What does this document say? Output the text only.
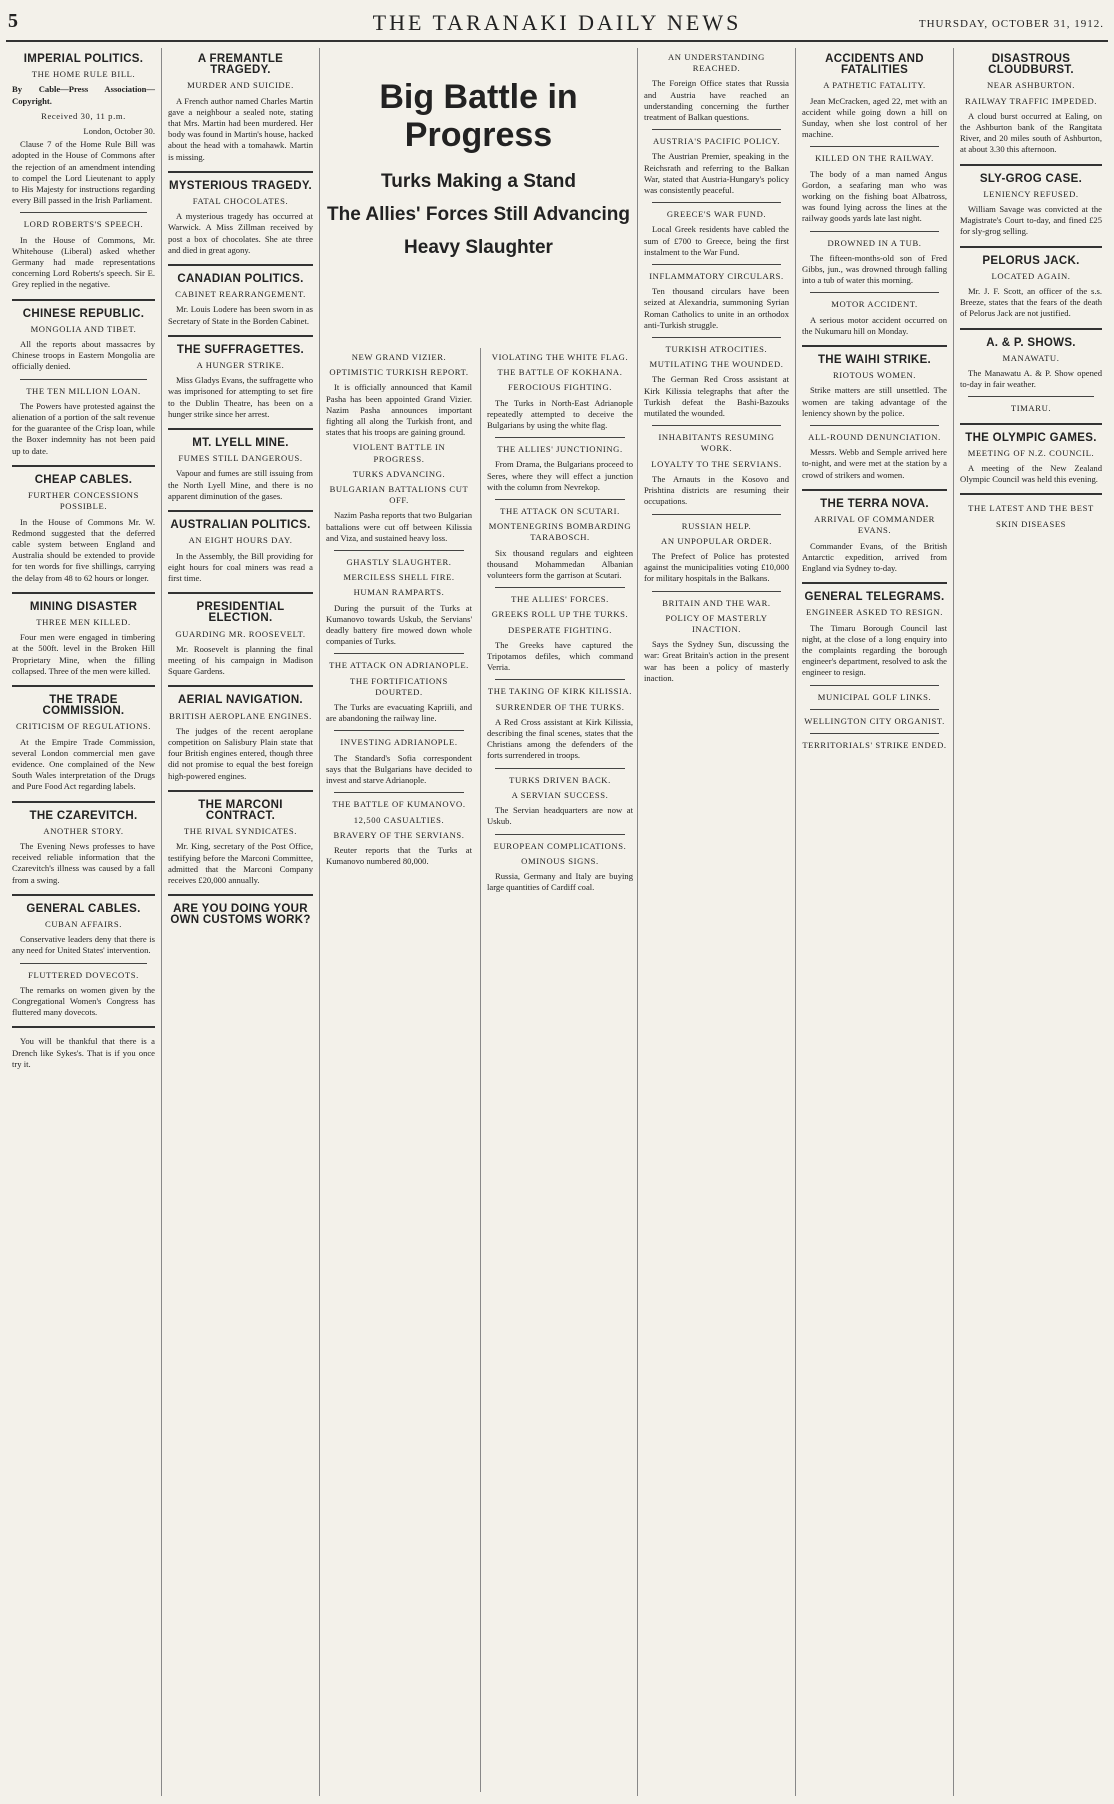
5	THE TARANAKI DAILY NEWS	THURSDAY, OCTOBER 31, 1912.
IMPERIAL POLITICS.
THE HOME RULE BILL.

By Cable—Press Association—Copyright.

Received 30, 11 p.m.
London, October 30.

Clause 7 of the Home Rule Bill was adopted in the House of Commons after the rejection of an amendment intending to compel the Lord Lieutenant to apply to His Majesty for instructions regarding every Bill passed in the Irish Parliament.

LORD ROBERTS'S SPEECH.

In the House of Commons, Mr. Whitehouse (Liberal) asked whether Germany had made representations concerning Lord Roberts's speech. Sir E. Grey replied in the negative.

CHINESE REPUBLIC.
MONGOLIA AND TIBET.

All the reports about massacres by Chinese troops in Eastern Mongolia are officially denied.

THE TEN MILLION LOAN.

The Powers have protested against the alienation of a portion of the salt revenue for the guarantee of the Crisp loan, while the Boxer indemnity has not been paid up to date.

CHEAP CABLES.
FURTHER CONCESSIONS POSSIBLE.

In the House of Commons Mr. W. Redmond suggested that the deferred cable system between England and Australia should be extended to provide for ten words for five shillings, carrying the delay from 48 to 62 hours or longer.

MINING DISASTER
THREE MEN KILLED.

Four men were engaged in timbering at the 500ft. level in the Broken Hill Proprietary Mine, when the filling collapsed. Three of the men were killed.

THE TRADE COMMISSION.
CRITICISM OF REGULATIONS.

At the Empire Trade Commission, several London commercial men gave evidence. One complained of the New South Wales interpretation of the Drugs and Pure Food Act regarding labels.

THE CZAREVITCH.
ANOTHER STORY.

The Evening News professes to have received reliable information that the Czarevitch's illness was caused by a fall from a swing.

GENERAL CABLES.
CUBAN AFFAIRS.

Conservative leaders deny that there is any need for United States' intervention.

FLUTTERED DOVECOTS.

The remarks on women given by the Congregational Women's Congress has fluttered many dovecots.

You will be thankful that there is a Drench like Sykes's. That is if you once try it.

A FREMANTLE TRAGEDY.
MURDER AND SUICIDE.

A French author named Charles Martin gave a neighbour a sealed note, stating that Mrs. Martin had been murdered. Her body was found in Martin's house, hacked about the head with a tomahawk. Martin is missing.

MYSTERIOUS TRAGEDY.
FATAL CHOCOLATES.

A mysterious tragedy has occurred at Warwick. A Miss Zillman received by post a box of chocolates. She ate three and died in great agony.

CANADIAN POLITICS.
CABINET REARRANGEMENT.

Mr. Louis Lodere has been sworn in as Secretary of State in the Borden Cabinet.

THE SUFFRAGETTES.
A HUNGER STRIKE.

Miss Gladys Evans, the suffragette who was imprisoned for attempting to set fire to the Dublin Theatre, has been on a hunger strike since her arrest.

MT. LYELL MINE.
FUMES STILL DANGEROUS.

Vapour and fumes are still issuing from the North Lyell Mine, and there is no apparent diminution of the gases.

AUSTRALIAN POLITICS.
AN EIGHT HOURS DAY.

In the Assembly, the Bill providing for eight hours for coal miners was read a first time.

PRESIDENTIAL ELECTION.
GUARDING MR. ROOSEVELT.

Mr. Roosevelt is planning the final meeting of his campaign in Madison Square Gardens.

AERIAL NAVIGATION.
BRITISH AEROPLANE ENGINES.

The judges of the recent aeroplane competition on Salisbury Plain state that four British engines entered, though three did not promise to equal the best foreign high-powered engines.

THE MARCONI CONTRACT.
THE RIVAL SYNDICATES.

Mr. King, secretary of the Post Office, testifying before the Marconi Committee, admitted that the Marconi Company receives £20,000 annually.

ARE YOU DOING YOUR OWN CUSTOMS WORK?
Big Battle in Progress
Turks Making a Stand
The Allies' Forces Still Advancing
Heavy Slaughter
NEW GRAND VIZIER.
OPTIMISTIC TURKISH REPORT.

It is officially announced that Kamil Pasha has been appointed Grand Vizier. Nazim Pasha announces important fighting all along the Turkish front, and states that his troops are gaining ground.

VIOLENT BATTLE IN PROGRESS.
TURKS ADVANCING.
BULGARIAN BATTALIONS CUT OFF.

Nazim Pasha reports that two Bulgarian battalions were cut off between Kilissia and Viza, and sustained heavy loss.

GHASTLY SLAUGHTER.
MERCILESS SHELL FIRE.
HUMAN RAMPARTS.

During the pursuit of the Turks at Kumanovo towards Uskub, the Servians' deadly battery fire mowed down whole companies of Turks.

THE ATTACK ON ADRIANOPLE.
THE FORTIFICATIONS DOURTED.

The Turks are evacuating Kapriili, and are abandoning the railway line.

INVESTING ADRIANOPLE.

The Standard's Sofia correspondent says that the Bulgarians have decided to invest and starve Adrianople.

THE BATTLE OF KUMANOVO.
12,500 CASUALTIES.
BRAVERY OF THE SERVIANS.

Reuter reports that the Turks at Kumanovo numbered 80,000.

VIOLATING THE WHITE FLAG.
THE BATTLE OF KOKHANA.
FEROCIOUS FIGHTING.

The Turks in North-East Adrianople repeatedly attempted to deceive the Bulgarians by using the white flag.

THE ALLIES' JUNCTIONING.

From Drama, the Bulgarians proceed to Seres, where they will effect a junction with the column from Nevrekop.

THE ATTACK ON SCUTARI.
MONTENEGRINS BOMBARDING TARABOSCH.

Six thousand regulars and eighteen thousand Mohammedan Albanian volunteers form the garrison at Scutari.

THE ALLIES' FORCES.
GREEKS ROLL UP THE TURKS.
DESPERATE FIGHTING.

The Greeks have captured the Tripotamos defiles, which command Verria.

THE TAKING OF KIRK KILISSIA.
SURRENDER OF THE TURKS.

A Red Cross assistant at Kirk Kilissia, describing the final scenes, states that the Christians among the defenders of the forts surrendered in troops.

TURKS DRIVEN BACK.
A SERVIAN SUCCESS.

The Servian headquarters are now at Uskub.

EUROPEAN COMPLICATIONS.
OMINOUS SIGNS.

Russia, Germany and Italy are buying large quantities of Cardiff coal.

AN UNDERSTANDING REACHED.

The Foreign Office states that Russia and Austria have reached an understanding concerning the further treatment of Balkan questions.

AUSTRIA'S PACIFIC POLICY.

The Austrian Premier, speaking in the Reichsrath and referring to the Balkan War, stated that Austria-Hungary's policy was consistently peaceful.

GREECE'S WAR FUND.

Local Greek residents have cabled the sum of £700 to Greece, being the first instalment to the War Fund.

INFLAMMATORY CIRCULARS.

Ten thousand circulars have been seized at Alexandria, summoning Syrian Roman Catholics to unite in an orthodox anti-Turkish struggle.

TURKISH ATROCITIES.
MUTILATING THE WOUNDED.

The German Red Cross assistant at Kirk Kilissia telegraphs that after the Turkish defeat the Bashi-Bazouks mutilated the wounded.

INHABITANTS RESUMING WORK.
LOYALTY TO THE SERVIANS.

The Arnauts in the Kosovo and Prishtina districts are resuming their occupations.

RUSSIAN HELP.
AN UNPOPULAR ORDER.

The Prefect of Police has protested against the municipalities voting £10,000 for military hospitals in the Balkans.

BRITAIN AND THE WAR.
POLICY OF MASTERLY INACTION.

Says the Sydney Sun, discussing the war: Great Britain's action in the present war has been a policy of masterly inaction.

ACCIDENTS AND FATALITIES
A PATHETIC FATALITY.

Jean McCracken, aged 22, met with an accident while going down a hill on Sunday, when she lost control of her machine.

KILLED ON THE RAILWAY.

The body of a man named Angus Gordon, a seafaring man who was working on the fishing boat Albatross, was found lying across the lines at the railway goods yards late last night.

DROWNED IN A TUB.

The fifteen-months-old son of Fred Gibbs, jun., was drowned through falling into a tub of water this morning.

MOTOR ACCIDENT.

A serious motor accident occurred on the Nukumaru hill on Monday.

THE WAIHI STRIKE.
RIOTOUS WOMEN.

Strike matters are still unsettled. The women are taking advantage of the leniency shown by the police.

ALL-ROUND DENUNCIATION.

Messrs. Webb and Semple arrived here to-night, and were met at the station by a crowd of strikers and women.

THE TERRA NOVA.
ARRIVAL OF COMMANDER EVANS.

Commander Evans, of the British Antarctic expedition, arrived from England via Sydney to-day.

GENERAL TELEGRAMS.
ENGINEER ASKED TO RESIGN.

The Timaru Borough Council last night, at the close of a long enquiry into the complaints regarding the borough engineer's department, resolved to ask the engineer to resign.

MUNICIPAL GOLF LINKS.
WELLINGTON CITY ORGANIST.
TERRITORIALS' STRIKE ENDED.
DISASTROUS CLOUDBURST.
NEAR ASHBURTON.
RAILWAY TRAFFIC IMPEDED.

A cloud burst occurred at Ealing, on the Ashburton bank of the Rangitata River, and 20 miles south of Ashburton, at about 3.30 this afternoon.

SLY-GROG CASE.
LENIENCY REFUSED.

William Savage was convicted at the Magistrate's Court to-day, and fined £25 for sly-grog selling.

PELORUS JACK.
LOCATED AGAIN.

Mr. J. F. Scott, an officer of the s.s. Breeze, states that the fears of the death of Pelorus Jack are not justified.

A. & P. SHOWS.
MANAWATU.

The Manawatu A. & P. Show opened to-day in fair weather.

TIMARU.
THE OLYMPIC GAMES.
MEETING OF N.Z. COUNCIL.

A meeting of the New Zealand Olympic Council was held this evening.

THE LATEST AND THE BEST
SKIN DISEASES
